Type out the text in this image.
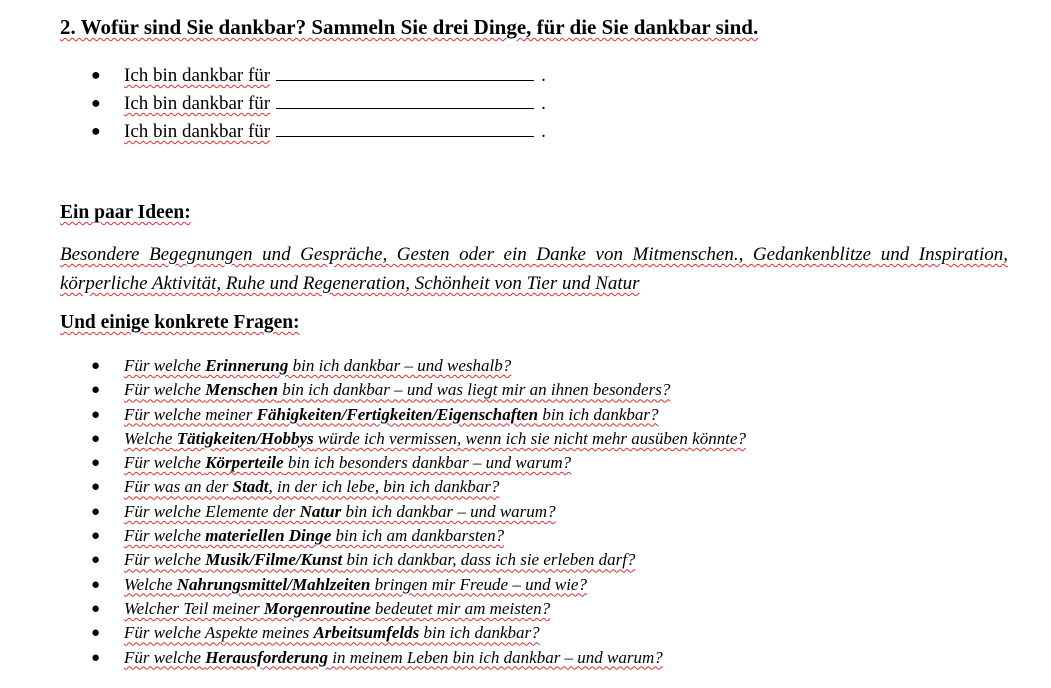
2. Wofür sind Sie dankbar? Sammeln Sie drei Dinge, für die Sie dankbar sind.
● Ich bin dankbar für	.
● Ich bin dankbar für	.
● Ich bin dankbar für	.
Ein paar Ideen:

Besondere Begegnungen und Gespräche, Gesten oder ein Danke von Mitmenschen., Gedankenblitze und Inspiration, körperliche Aktivität, Ruhe und Regeneration, Schönheit von Tier und Natur

Und einige konkrete Fragen:
● Für welche Erinnerung bin ich dankbar – und weshalb?
● Für welche Menschen bin ich dankbar – und was liegt mir an ihnen besonders?
● Für welche meiner Fähigkeiten/Fertigkeiten/Eigenschaften bin ich dankbar?
● Welche Tätigkeiten/Hobbys würde ich vermissen, wenn ich sie nicht mehr ausüben könnte?
● Für welche Körperteile bin ich besonders dankbar – und warum?
● Für was an der Stadt, in der ich lebe, bin ich dankbar?
● Für welche Elemente der Natur bin ich dankbar – und warum?
● Für welche materiellen Dinge bin ich am dankbarsten?
● Für welche Musik/Filme/Kunst bin ich dankbar, dass ich sie erleben darf?
● Welche Nahrungsmittel/Mahlzeiten bringen mir Freude – und wie?
● Welcher Teil meiner Morgenroutine bedeutet mir am meisten?
● Für welche Aspekte meines Arbeitsumfelds bin ich dankbar?
● Für welche Herausforderung in meinem Leben bin ich dankbar – und warum?
